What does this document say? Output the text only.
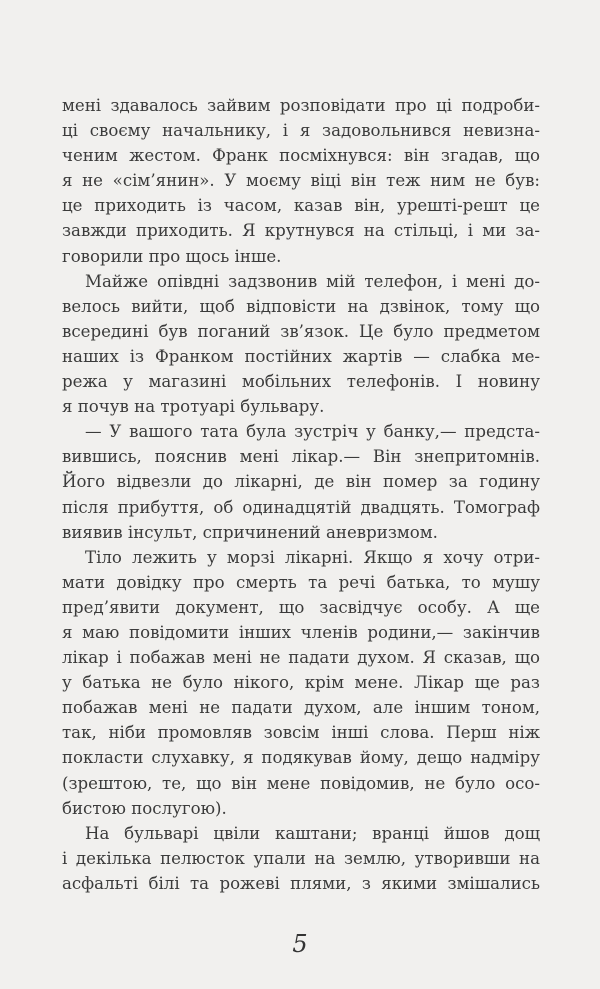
мені здавалось зайвим розповідати про ці подроби-
ці своєму начальнику, і я задовольнився невизна-
ченим жестом. Франк посміхнувся: він згадав, що
я не «сім’янин». У моєму віці він теж ним не був:
це приходить із часом, казав він, урешті-решт це
завжди приходить. Я крутнувся на стільці, і ми за-
говорили про щось інше.
Майже опівдні задзвонив мій телефон, і мені до-
велось вийти, щоб відповісти на дзвінок, тому що
всередині був поганий зв’язок. Це було предметом
наших із Франком постійних жартів — слабка ме-
режа у магазині мобільних телефонів. І новину
я почув на тротуарі бульвару.
— У вашого тата була зустріч у банку,— предста-
вившись, пояснив мені лікар.— Він знепритомнів.
Його відвезли до лікарні, де він помер за годину
після прибуття, об одинадцятій двадцять. Томограф
виявив інсульт, спричинений аневризмом.
Тіло лежить у морзі лікарні. Якщо я хочу отри-
мати довідку про смерть та речі батька, то мушу
пред’явити документ, що засвідчує особу. А ще
я маю повідомити інших членів родини,— закінчив
лікар і побажав мені не падати духом. Я сказав, що
у батька не було нікого, крім мене. Лікар ще раз
побажав мені не падати духом, але іншим тоном,
так, ніби промовляв зовсім інші слова. Перш ніж
покласти слухавку, я подякував йому, дещо надміру
(зрештою, те, що він мене повідомив, не було осо-
бистою послугою).
На бульварі цвіли каштани; вранці йшов дощ
і декілька пелюсток упали на землю, утворивши на
асфальті білі та рожеві плями, з якими змішались
5
